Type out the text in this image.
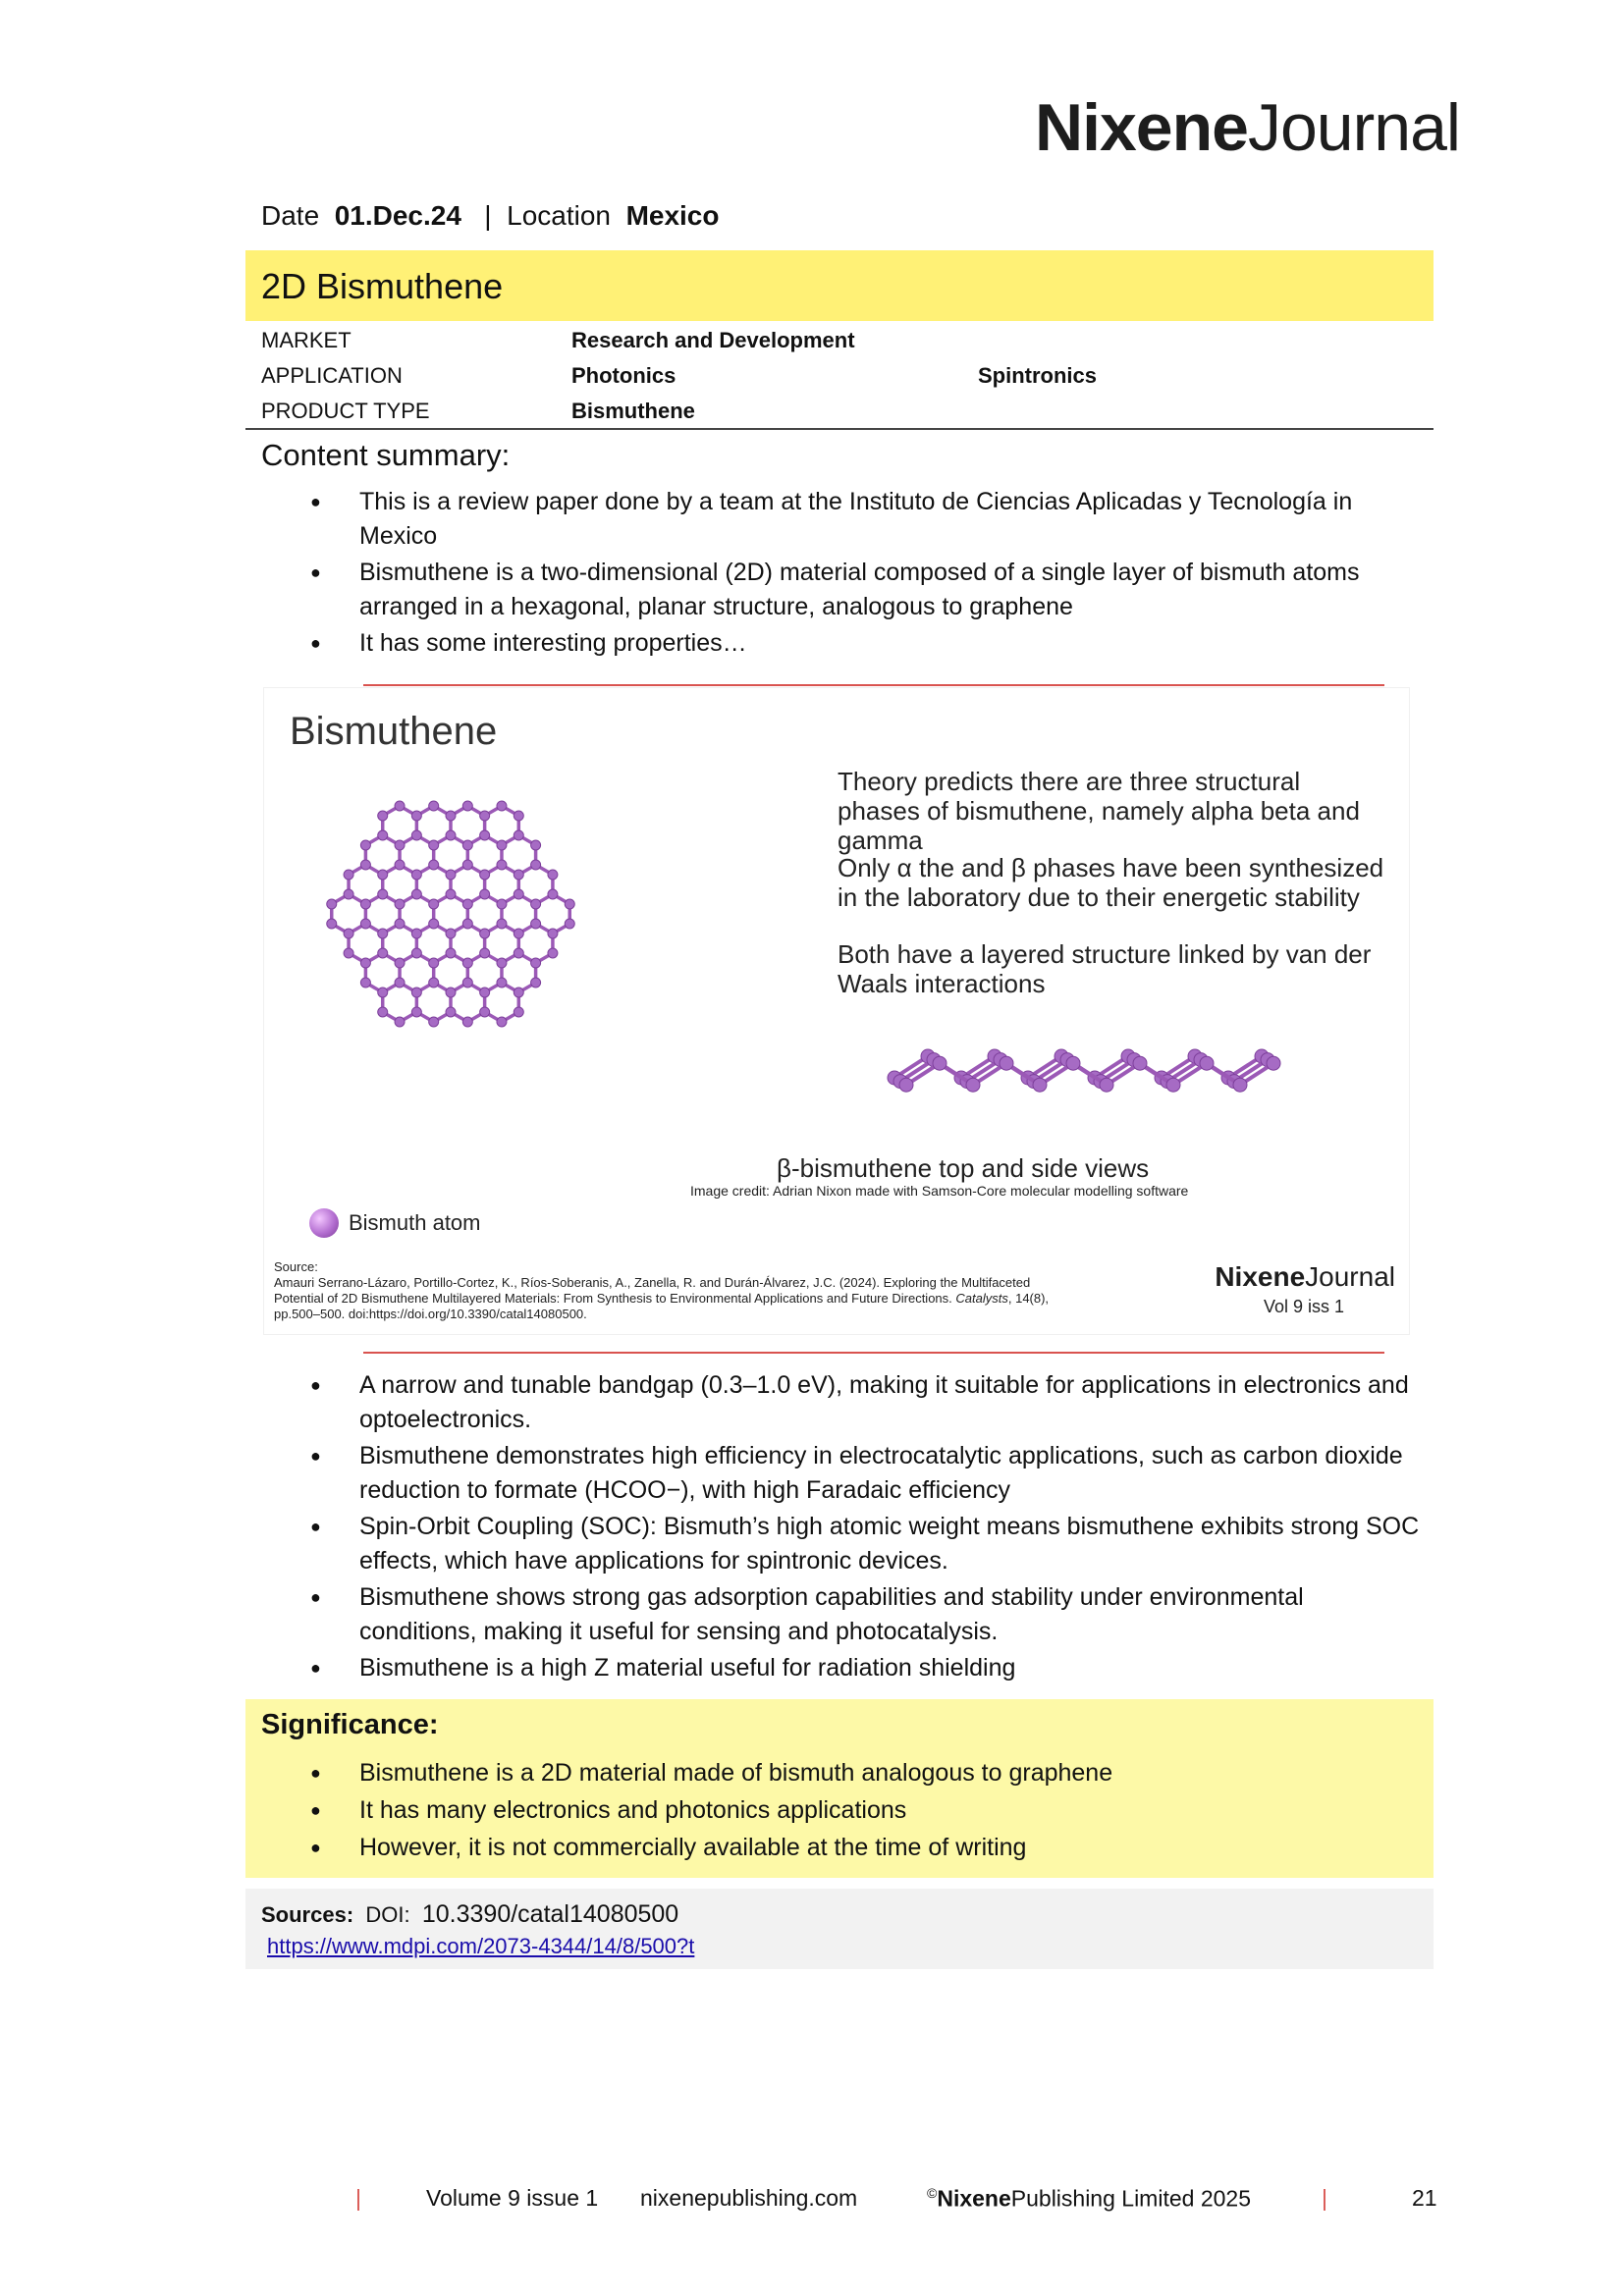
NixeneJournal
Date 01.Dec.24 | Location Mexico
2D Bismuthene
MARKET	Research and Development
APPLICATION	Photonics	Spintronics
PRODUCT TYPE	Bismuthene
Content summary:
● This is a review paper done by a team at the Instituto de Ciencias Aplicadas y Tecnología in Mexico
● Bismuthene is a two-dimensional (2D) material composed of a single layer of bismuth atoms arranged in a hexagonal, planar structure, analogous to graphene
● It has some interesting properties…
Bismuthene
Theory predicts there are three structural phases of bismuthene, namely alpha beta and gamma
Only α the and β phases have been synthesized in the laboratory due to their energetic stability
Both have a layered structure linked by van der Waals interactions
β-bismuthene top and side views
Image credit: Adrian Nixon made with Samson-Core molecular modelling software
Bismuth atom
Source:
Amauri Serrano-Lázaro, Portillo-Cortez, K., Ríos-Soberanis, A., Zanella, R. and Durán-Álvarez, J.C. (2024). Exploring the Multifaceted Potential of 2D Bismuthene Multilayered Materials: From Synthesis to Environmental Applications and Future Directions. Catalysts, 14(8), pp.500–500. doi:https://doi.org/10.3390/catal14080500.
NixeneJournal
Vol 9 iss 1
● A narrow and tunable bandgap (0.3–1.0 eV), making it suitable for applications in electronics and optoelectronics.
● Bismuthene demonstrates high efficiency in electrocatalytic applications, such as carbon dioxide reduction to formate (HCOO−), with high Faradaic efficiency
● Spin-Orbit Coupling (SOC): Bismuth’s high atomic weight means bismuthene exhibits strong SOC effects, which have applications for spintronic devices.
● Bismuthene shows strong gas adsorption capabilities and stability under environmental conditions, making it useful for sensing and photocatalysis.
● Bismuthene is a high Z material useful for radiation shielding
Significance:
● Bismuthene is a 2D material made of bismuth analogous to graphene
● It has many electronics and photonics applications
● However, it is not commercially available at the time of writing
Sources: DOI: 10.3390/catal14080500
https://www.mdpi.com/2073-4344/14/8/500?t
|	Volume 9 issue 1 nixenepublishing.com	©NixenePublishing Limited 2025	|	21
